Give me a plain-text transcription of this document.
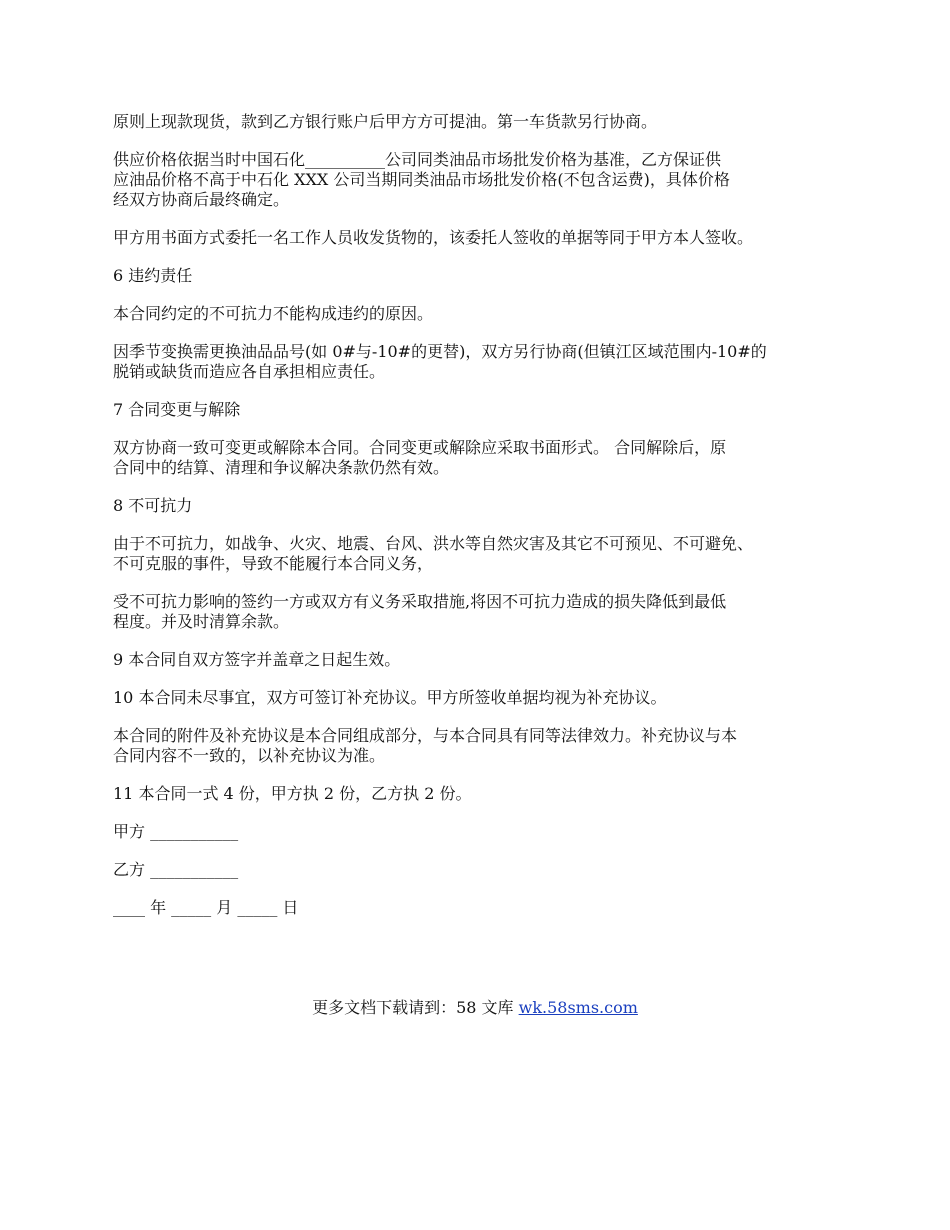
原则上现款现货，款到乙方银行账户后甲方方可提油。第一车货款另行协商。

供应价格依据当时中国石化__________公司同类油品市场批发价格为基准，乙方保证供
应油品价格不高于中石化 XXX 公司当期同类油品市场批发价格(不包含运费)，具体价格
经双方协商后最终确定。

甲方用书面方式委托一名工作人员收发货物的，该委托人签收的单据等同于甲方本人签收。

6 违约责任

本合同约定的不可抗力不能构成违约的原因。

因季节变换需更换油品品号(如 0#与-10#的更替)，双方另行协商(但镇江区域范围内-10#的
脱销或缺货而造应各自承担相应责任。

7 合同变更与解除

双方协商一致可变更或解除本合同。合同变更或解除应采取书面形式。 合同解除后，原
合同中的结算、清理和争议解决条款仍然有效。

8 不可抗力

由于不可抗力，如战争、火灾、地震、台风、洪水等自然灾害及其它不可预见、不可避免、
不可克服的事件，导致不能履行本合同义务，

受不可抗力影响的签约一方或双方有义务采取措施,将因不可抗力造成的损失降低到最低
程度。并及时清算余款。

9 本合同自双方签字并盖章之日起生效。

10 本合同未尽事宜，双方可签订补充协议。甲方所签收单据均视为补充协议。

本合同的附件及补充协议是本合同组成部分，与本合同具有同等法律效力。补充协议与本
合同内容不一致的，以补充协议为准。

11 本合同一式 4 份，甲方执 2 份，乙方执 2 份。

甲方 ___________

乙方 ___________

____ 年 _____ 月 _____ 日

更多文档下载请到：58 文库 wk.58sms.com
